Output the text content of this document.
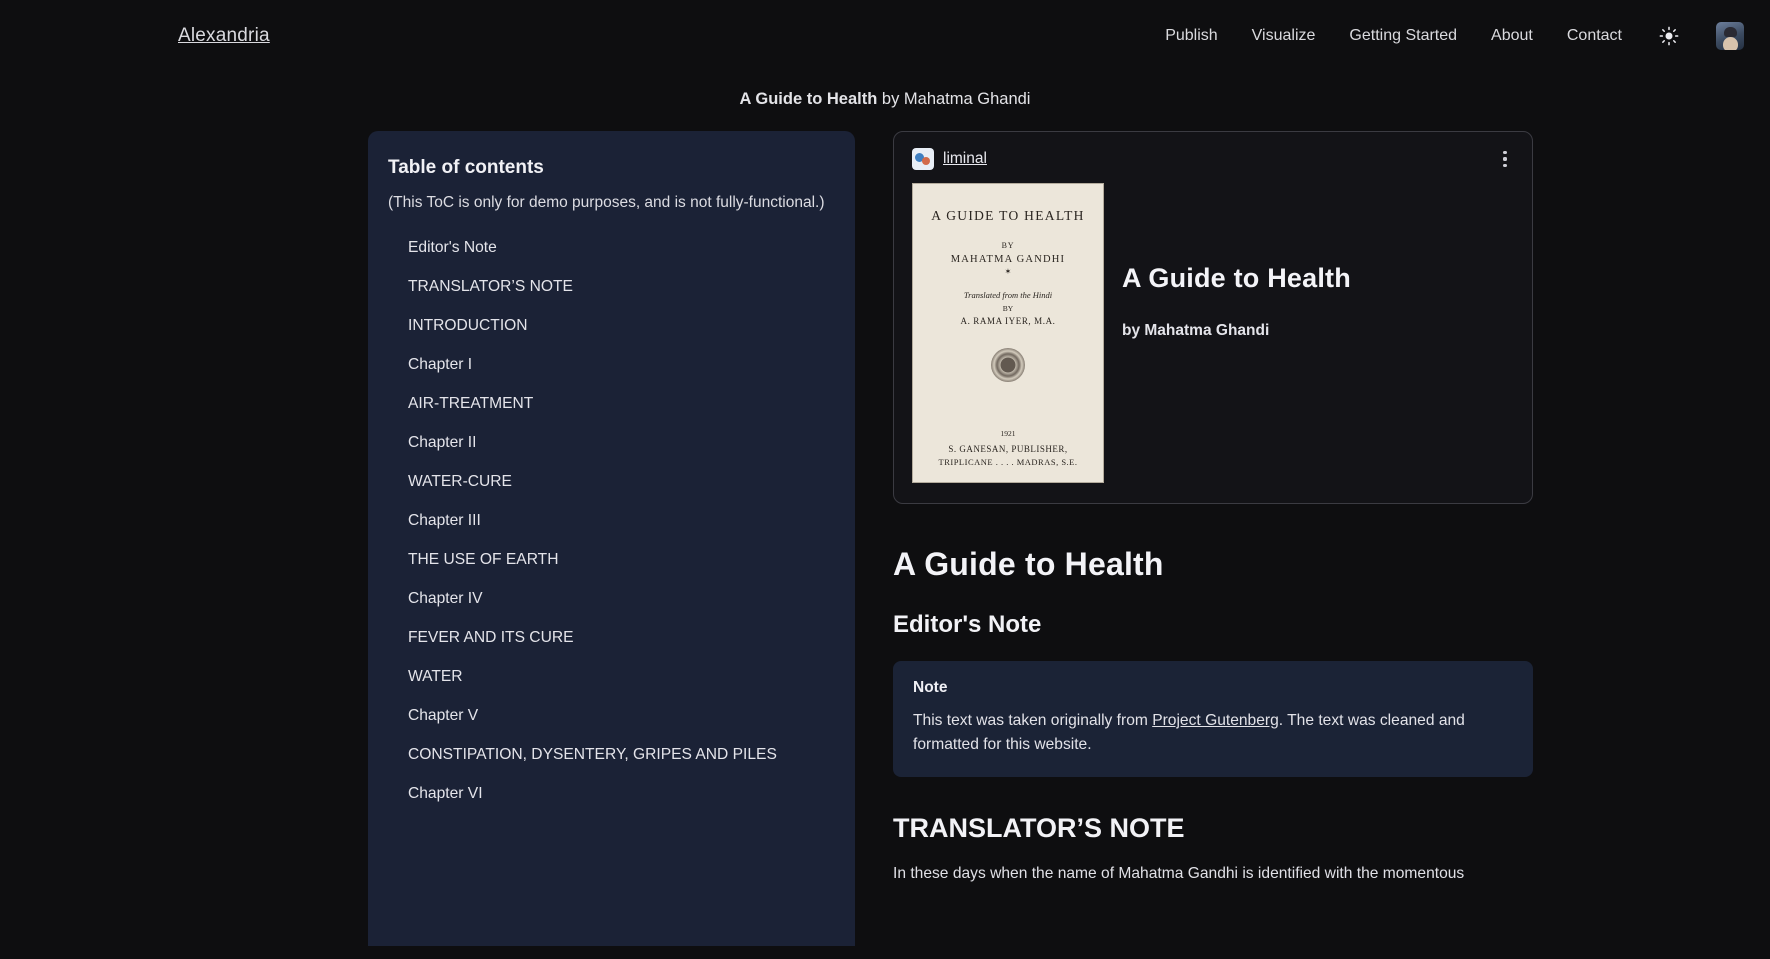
Alexandria	Publish Visualize Getting Started About Contact
A Guide to Health by Mahatma Ghandi
Table of contents
(This ToC is only for demo purposes, and is not fully-functional.)
Editor's Note
TRANSLATOR’S NOTE
INTRODUCTION
Chapter I
AIR-TREATMENT
Chapter II
WATER-CURE
Chapter III
THE USE OF EARTH
Chapter IV
FEVER AND ITS CURE
WATER
Chapter V
CONSTIPATION, DYSENTERY, GRIPES AND PILES
Chapter VI
liminal
A GUIDE TO HEALTH
BY
MAHATMA GANDHI
✶
Translated from the Hindi
BY
A. RAMA IYER, M.A.
1921
S. GANESAN, PUBLISHER,
TRIPLICANE . . . . MADRAS, S.E.
A Guide to Health
by Mahatma Ghandi
A Guide to Health
Editor's Note
Note
This text was taken originally from Project Gutenberg. The text was cleaned and formatted for this website.
TRANSLATOR’S NOTE

In these days when the name of Mahatma Gandhi is identified with the momentous
